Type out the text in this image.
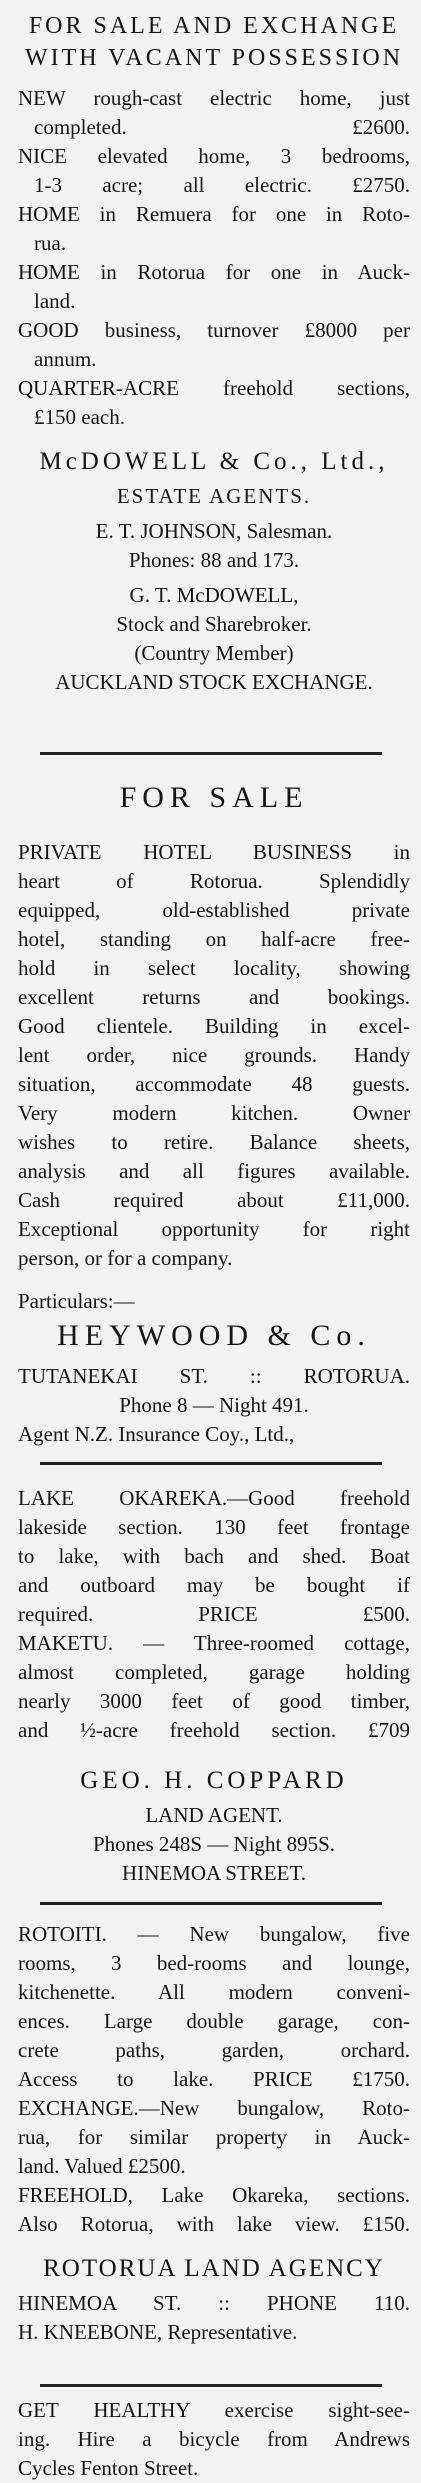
FOR SALE AND EXCHANGE
WITH VACANT POSSESSION
NEW rough-cast electric home, just
completed. £2600.
NICE elevated home, 3 bedrooms,
1-3 acre; all electric. £2750.
HOME in Remuera for one in Roto-
rua.
HOME in Rotorua for one in Auck-
land.
GOOD business, turnover £8000 per
annum.
QUARTER-ACRE freehold sections,
£150 each.
McDOWELL & Co., Ltd.,
ESTATE AGENTS.
E. T. JOHNSON, Salesman.
Phones: 88 and 173.
G. T. McDOWELL,
Stock and Sharebroker.
(Country Member)
AUCKLAND STOCK EXCHANGE.
FOR SALE
PRIVATE HOTEL BUSINESS in
heart of Rotorua. Splendidly
equipped, old-established private
hotel, standing on half-acre free-
hold in select locality, showing
excellent returns and bookings.
Good clientele. Building in excel-
lent order, nice grounds. Handy
situation, accommodate 48 guests.
Very modern kitchen. Owner
wishes to retire. Balance sheets,
analysis and all figures available.
Cash required about £11,000.
Exceptional opportunity for right
person, or for a company.
Particulars:—
HEYWOOD & Co.
TUTANEKAI ST. :: ROTORUA.
Phone 8 — Night 491.
Agent N.Z. Insurance Coy., Ltd.,
LAKE OKAREKA.—Good freehold
lakeside section. 130 feet frontage
to lake, with bach and shed. Boat
and outboard may be bought if
required. PRICE £500.
MAKETU. — Three-roomed cottage,
almost completed, garage holding
nearly 3000 feet of good timber,
and ½-acre freehold section. £709
GEO. H. COPPARD
LAND AGENT.
Phones 248S — Night 895S.
HINEMOA STREET.
ROTOITI. — New bungalow, five
rooms, 3 bed-rooms and lounge,
kitchenette. All modern conveni-
ences. Large double garage, con-
crete paths, garden, orchard.
Access to lake. PRICE £1750.
EXCHANGE.—New bungalow, Roto-
rua, for similar property in Auck-
land. Valued £2500.
FREEHOLD, Lake Okareka, sections.
Also Rotorua, with lake view. £150.
ROTORUA LAND AGENCY
HINEMOA ST. :: PHONE 110.
H. KNEEBONE, Representative.
GET HEALTHY exercise sight-see-
ing. Hire a bicycle from Andrews
Cycles Fenton Street.
